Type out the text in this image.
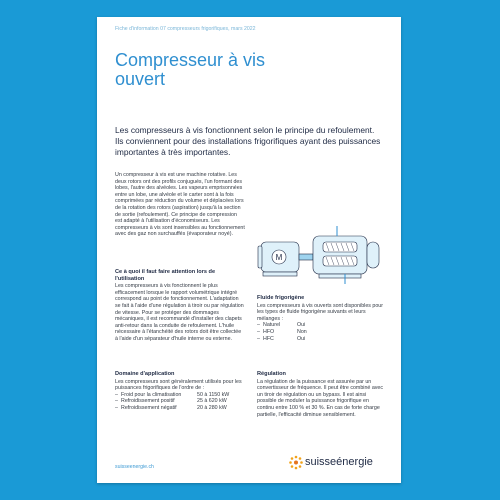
Fiche d'information 07 compresseurs frigorifiques, mars 2022
Compresseur à vis
ouvert
Les compresseurs à vis fonctionnent selon le principe du refoulement. Ils conviennent pour des installations frigorifiques ayant des puissances importantes à très importantes.
Un compresseur à vis est une machine rotative. Les deux rotors ont des profils conjugués, l'un formant des lobes, l'autre des alvéoles. Les vapeurs emprisonnées entre un lobe, une alvéole et le carter sont à la fois comprimées par réduction du volume et déplacées lors de la rotation des rotors (aspiration) jusqu'à la section de sortie (refoulement). Ce principe de compression est adapté à l'utilisation d'économiseurs. Les compresseurs à vis sont insensibles au fonctionnement avec des gaz non surchauffés (évaporateur noyé).
Ce à quoi il faut faire attention lors de l'utilisation
Les compresseurs à vis fonctionnent le plus efficacement lorsque le rapport volumétrique intégré correspond au point de fonctionnement. L'adaptation se fait à l'aide d'une régulation à tiroir ou par régulation de vitesse. Pour se protéger des dommages mécaniques, il est recommandé d'installer des clapets anti-retour dans la conduite de refoulement. L'huile nécessaire à l'étanchéité des rotors doit être collectée à l'aide d'un séparateur d'huile interne ou externe.
M
Fluide frigorigène
Les compresseurs à vis ouverts sont disponibles pour les types de fluide frigorigène suivants et leurs mélanges :
– Naturel	Oui
– HFO	Non
– HFC	Oui
Domaine d'application
Les compresseurs sont généralement utilisés pour les puissances frigorifiques de l'ordre de :
– Froid pour la climatisation	50 à 1150 kW
– Refroidissement positif	25 à 620 kW
– Refroidissement négatif	20 à 280 kW
Régulation
La régulation de la puissance est assurée par un convertisseur de fréquence. Il peut être combiné avec un tiroir de régulation ou un bypass. Il est ainsi possible de moduler la puissance frigorifique en continu entre 100 % et 30 %. En cas de forte charge partielle, l'efficacité diminue sensiblement.
suisseenergie.ch	suisseénergie
